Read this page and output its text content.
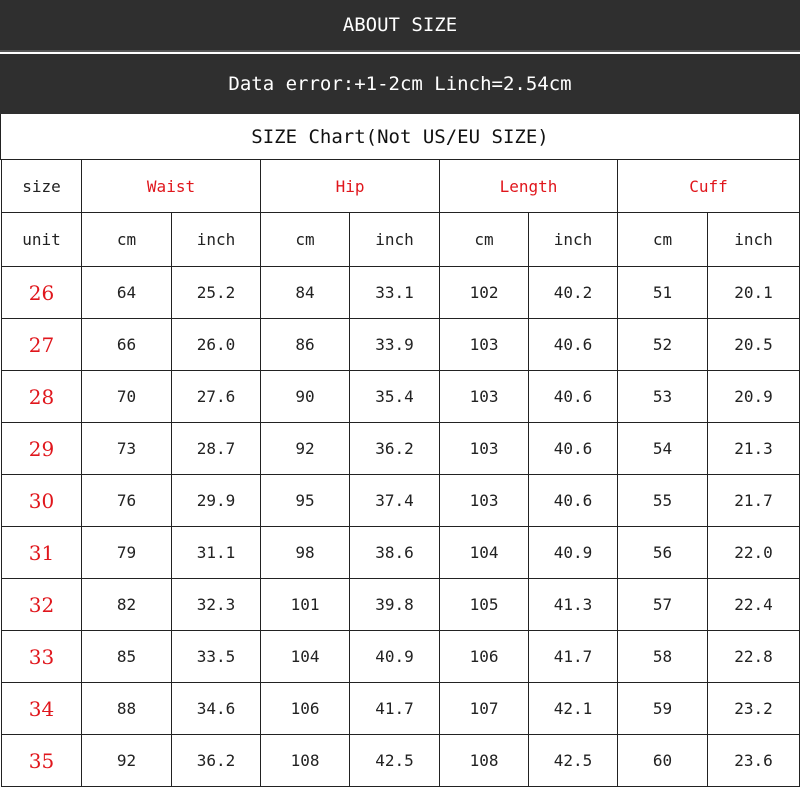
ABOUT SIZE
Data error:+1-2cm Linch=2.54cm
SIZE Chart(Not US/EU SIZE)
size	Waist		Hip		Length		Cuff	
unit	cm	inch	cm	inch	cm	inch	cm	inch
26	64	25.2	84	33.1	102	40.2	51	20.1
27	66	26.0	86	33.9	103	40.6	52	20.5
28	70	27.6	90	35.4	103	40.6	53	20.9
29	73	28.7	92	36.2	103	40.6	54	21.3
30	76	29.9	95	37.4	103	40.6	55	21.7
31	79	31.1	98	38.6	104	40.9	56	22.0
32	82	32.3	101	39.8	105	41.3	57	22.4
33	85	33.5	104	40.9	106	41.7	58	22.8
34	88	34.6	106	41.7	107	42.1	59	23.2
35	92	36.2	108	42.5	108	42.5	60	23.6
